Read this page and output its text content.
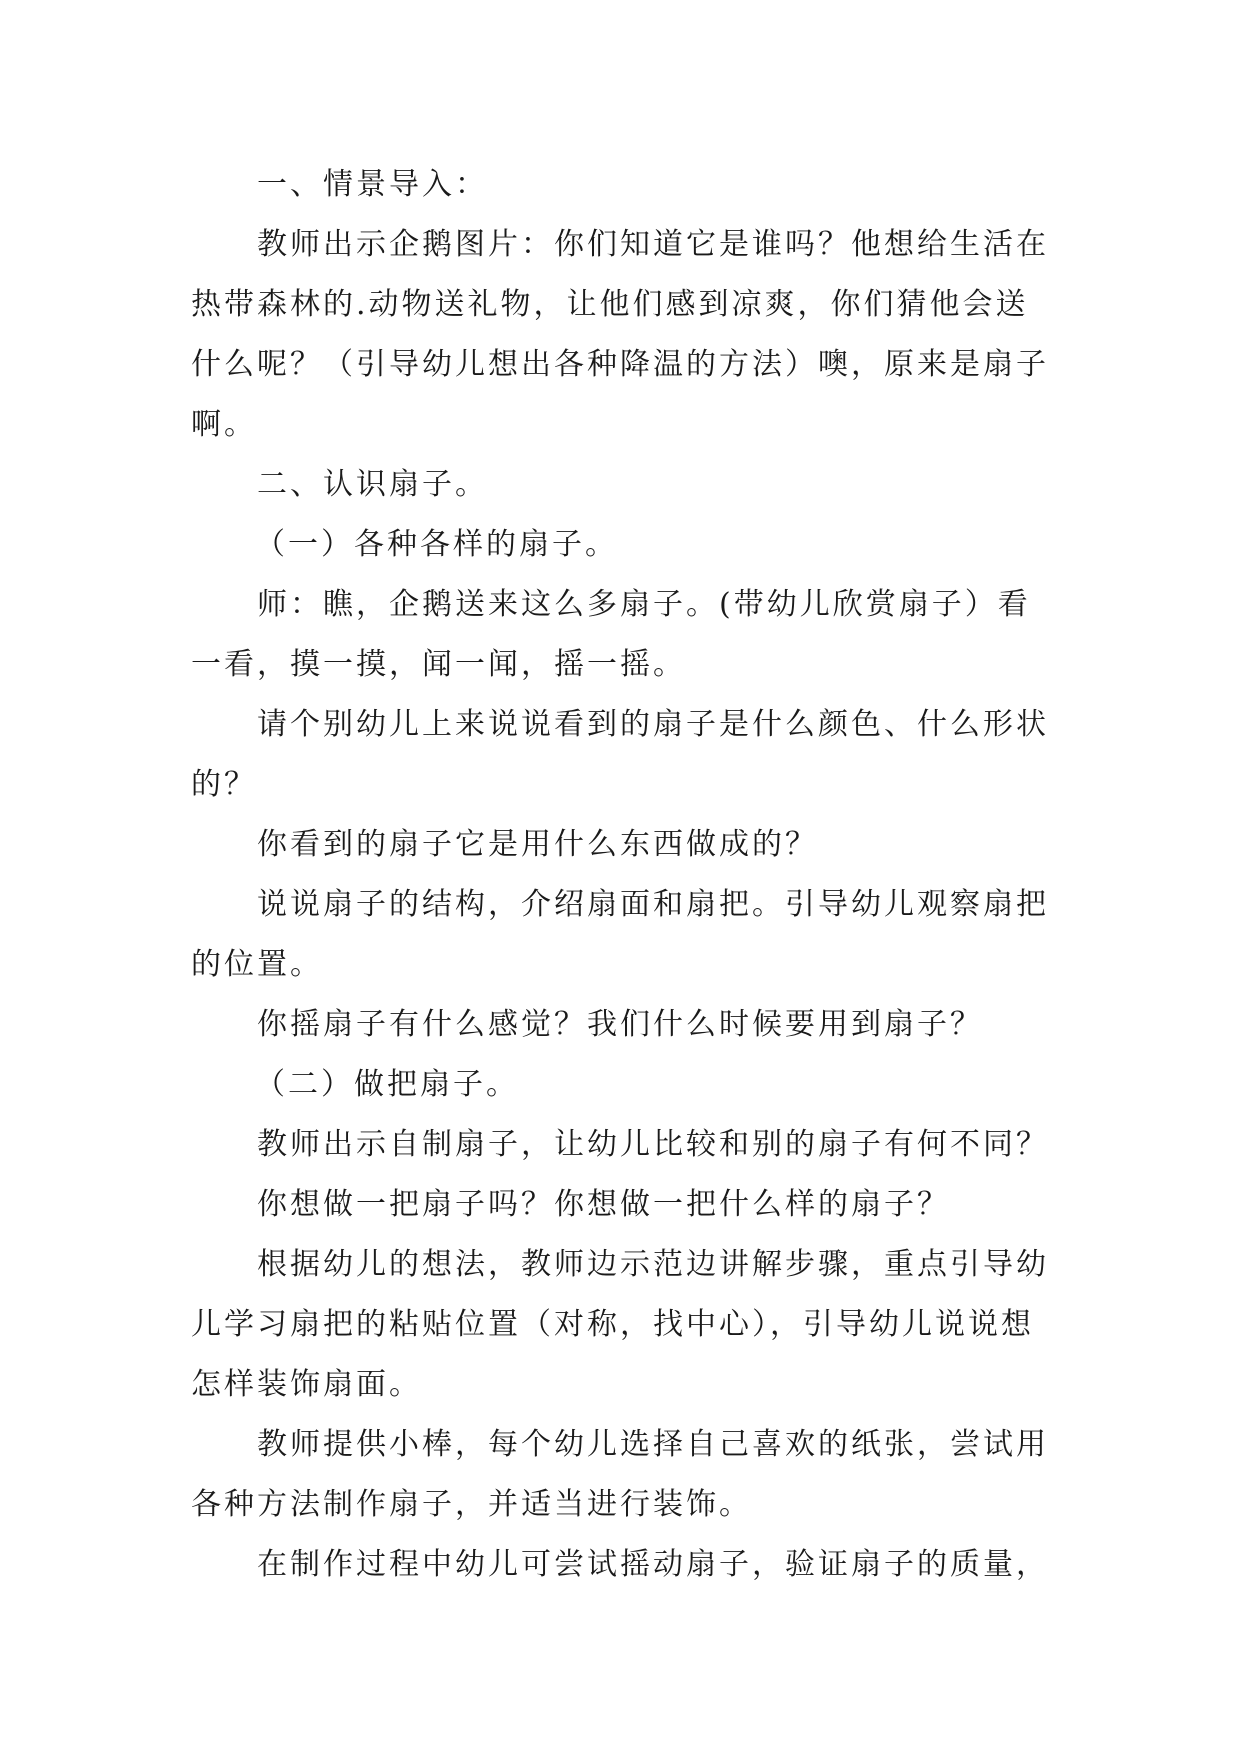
一、情景导入：
教师出示企鹅图片：你们知道它是谁吗？他想给生活在
热带森林的.动物送礼物，让他们感到凉爽，你们猜他会送
什么呢？（引导幼儿想出各种降温的方法）噢，原来是扇子
啊。
二、认识扇子。
（一）各种各样的扇子。
师：瞧，企鹅送来这么多扇子。(带幼儿欣赏扇子）看
一看，摸一摸，闻一闻，摇一摇。
请个别幼儿上来说说看到的扇子是什么颜色、什么形状
的？
你看到的扇子它是用什么东西做成的？
说说扇子的结构，介绍扇面和扇把。引导幼儿观察扇把
的位置。
你摇扇子有什么感觉？我们什么时候要用到扇子？
（二）做把扇子。
教师出示自制扇子，让幼儿比较和别的扇子有何不同？
你想做一把扇子吗？你想做一把什么样的扇子？
根据幼儿的想法，教师边示范边讲解步骤，重点引导幼
儿学习扇把的粘贴位置（对称，找中心），引导幼儿说说想
怎样装饰扇面。
教师提供小棒，每个幼儿选择自己喜欢的纸张，尝试用
各种方法制作扇子，并适当进行装饰。
在制作过程中幼儿可尝试摇动扇子，验证扇子的质量，
